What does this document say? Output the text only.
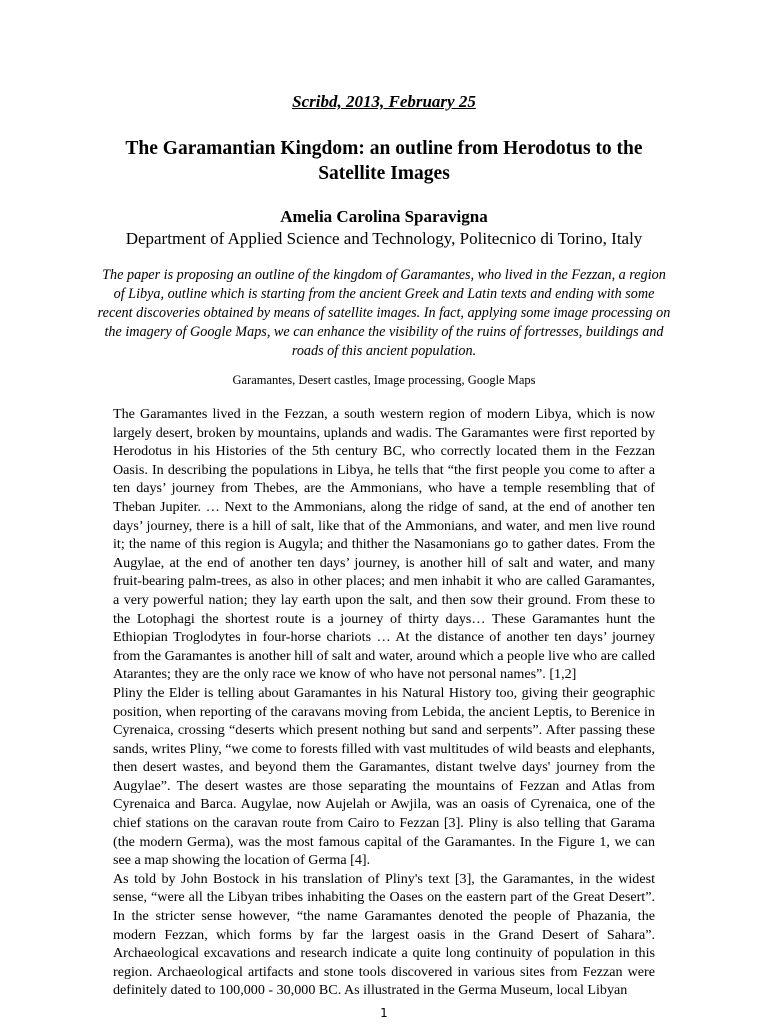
Scribd, 2013, February 25
The Garamantian Kingdom: an outline from Herodotus to the Satellite Images
Amelia Carolina Sparavigna
Department of Applied Science and Technology, Politecnico di Torino, Italy

The paper is proposing an outline of the kingdom of Garamantes, who lived in the Fezzan, a region of Libya, outline which is starting from the ancient Greek and Latin texts and ending with some recent discoveries obtained by means of satellite images. In fact, applying some image processing on the imagery of Google Maps, we can enhance the visibility of the ruins of fortresses, buildings and roads of this ancient population.

Garamantes, Desert castles, Image processing, Google Maps

The Garamantes lived in the Fezzan, a south western region of modern Libya, which is now largely desert, broken by mountains, uplands and wadis. The Garamantes were first reported by Herodotus in his Histories of the 5th century BC, who correctly located them in the Fezzan Oasis. In describing the populations in Libya, he tells that “the first people you come to after a ten days’ journey from Thebes, are the Ammonians, who have a temple resembling that of Theban Jupiter. … Next to the Ammonians, along the ridge of sand, at the end of another ten days’ journey, there is a hill of salt, like that of the Ammonians, and water, and men live round it; the name of this region is Augyla; and thither the Nasamonians go to gather dates. From the Augylae, at the end of another ten days’ journey, is another hill of salt and water, and many fruit-bearing palm-trees, as also in other places; and men inhabit it who are called Garamantes, a very powerful nation; they lay earth upon the salt, and then sow their ground. From these to the Lotophagi the shortest route is a journey of thirty days… These Garamantes hunt the Ethiopian Troglodytes in four-horse chariots … At the distance of another ten days’ journey from the Garamantes is another hill of salt and water, around which a people live who are called Atarantes; they are the only race we know of who have not personal names”. [1,2]

Pliny the Elder is telling about Garamantes in his Natural History too, giving their geographic position, when reporting of the caravans moving from Lebida, the ancient Leptis, to Berenice in Cyrenaica, crossing “deserts which present nothing but sand and serpents”. After passing these sands, writes Pliny, “we come to forests filled with vast multitudes of wild beasts and elephants, then desert wastes, and beyond them the Garamantes, distant twelve days' journey from the Augylae”. The desert wastes are those separating the mountains of Fezzan and Atlas from Cyrenaica and Barca. Augylae, now Aujelah or Awjila, was an oasis of Cyrenaica, one of the chief stations on the caravan route from Cairo to Fezzan [3]. Pliny is also telling that Garama (the modern Germa), was the most famous capital of the Garamantes. In the Figure 1, we can see a map showing the location of Germa [4].

As told by John Bostock in his translation of Pliny's text [3], the Garamantes, in the widest sense, “were all the Libyan tribes inhabiting the Oases on the eastern part of the Great Desert”. In the stricter sense however, “the name Garamantes denoted the people of Phazania, the modern Fezzan, which forms by far the largest oasis in the Grand Desert of Sahara”. Archaeological excavations and research indicate a quite long continuity of population in this region. Archaeological artifacts and stone tools discovered in various sites from Fezzan were definitely dated to 100,000 - 30,000 BC. As illustrated in the Germa Museum, local Libyan

1
